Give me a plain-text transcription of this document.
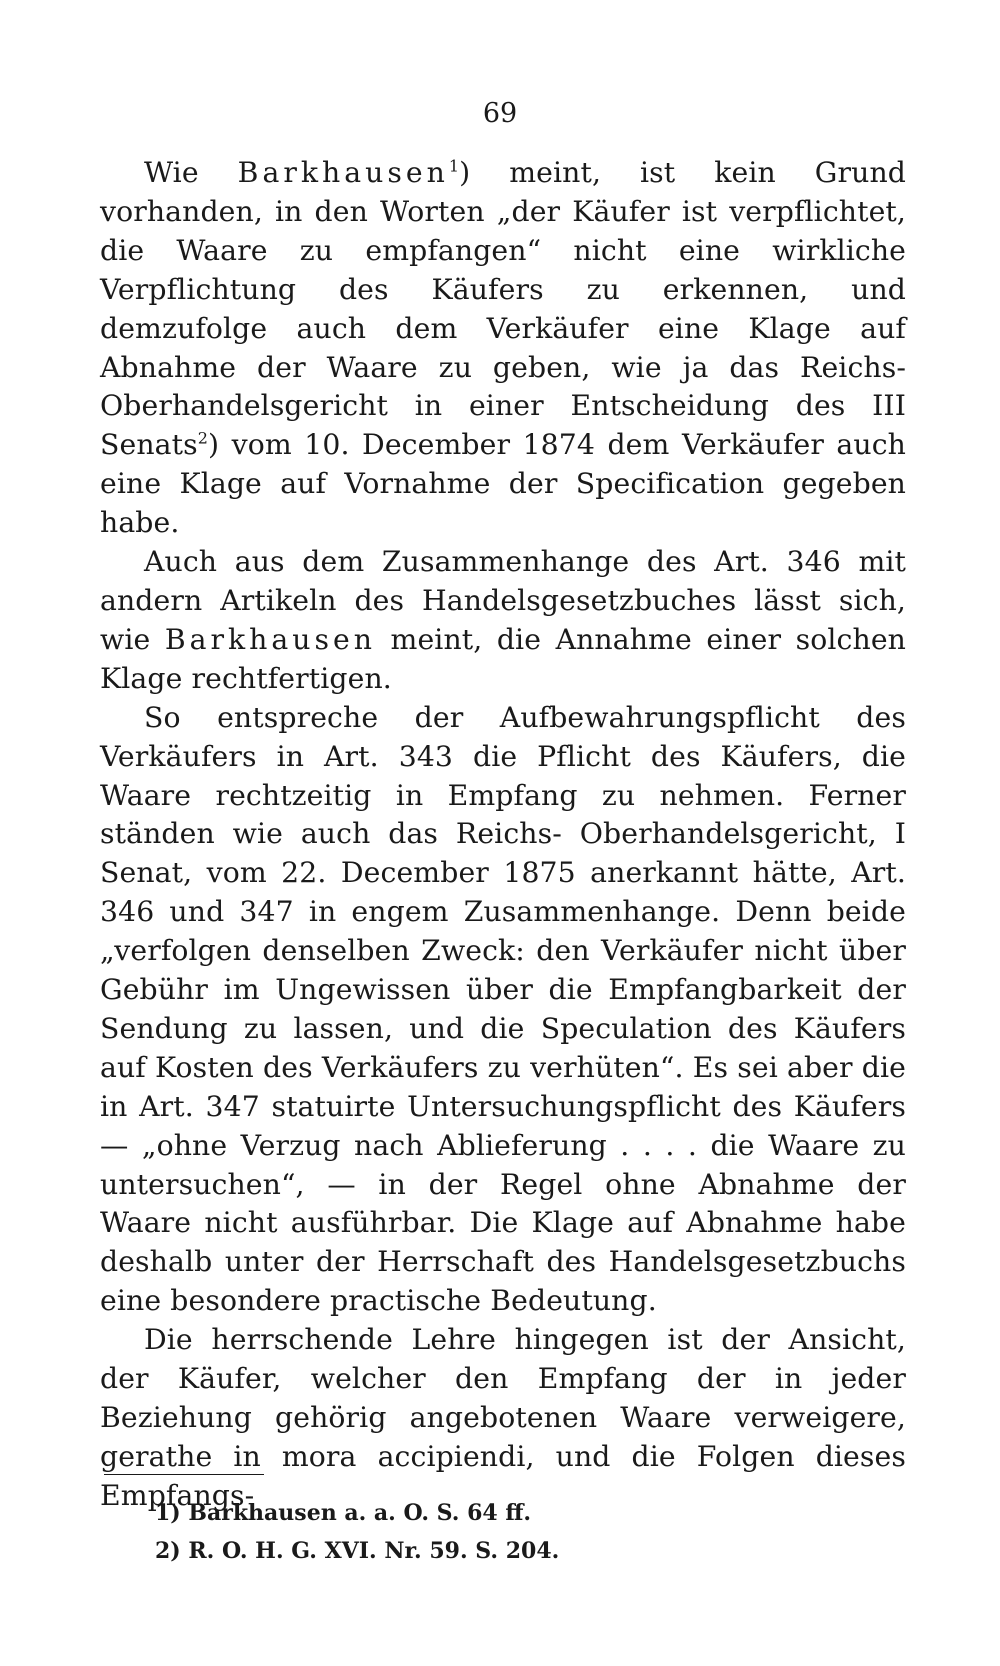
69

Wie Barkhausen$^1$) meint, ist kein Grund vorhanden, in den Worten „der Käufer ist verpflichtet, die Waare zu empfangen“ nicht eine wirkliche Verpflichtung des Käufers zu erkennen, und demzufolge auch dem Verkäufer eine Klage auf Abnahme der Waare zu geben, wie ja das Reichs-Oberhandelsgericht in einer Entscheidung des III Senats$^2$) vom 10. December 1874 dem Verkäufer auch eine Klage auf Vornahme der Specification gegeben habe.

Auch aus dem Zusammenhange des Art. 346 mit andern Artikeln des Handelsgesetzbuches lässt sich, wie Barkhausen meint, die Annahme einer solchen Klage rechtfertigen.

So entspreche der Aufbewahrungspflicht des Verkäufers in Art. 343 die Pflicht des Käufers, die Waare rechtzeitig in Empfang zu nehmen. Ferner ständen wie auch das Reichs- Oberhandelsgericht, I Senat, vom 22. December 1875 anerkannt hätte, Art. 346 und 347 in engem Zusammenhange. Denn beide „verfolgen denselben Zweck: den Verkäufer nicht über Gebühr im Ungewissen über die Empfangbarkeit der Sendung zu lassen, und die Speculation des Käufers auf Kosten des Verkäufers zu verhüten“. Es sei aber die in Art. 347 statuirte Untersuchungspflicht des Käufers — „ohne Verzug nach Ablieferung . . . . die Waare zu untersuchen“, — in der Regel ohne Abnahme der Waare nicht ausführbar. Die Klage auf Abnahme habe deshalb unter der Herrschaft des Handelsgesetzbuchs eine besondere practische Bedeutung.

Die herrschende Lehre hingegen ist der Ansicht, der Käufer, welcher den Empfang der in jeder Beziehung gehörig angebotenen Waare verweigere, gerathe in mora accipiendi, und die Folgen dieses Empfangs-

1) Barkhausen a. a. O. S. 64 ff.
2) R. O. H. G. XVI. Nr. 59. S. 204.
